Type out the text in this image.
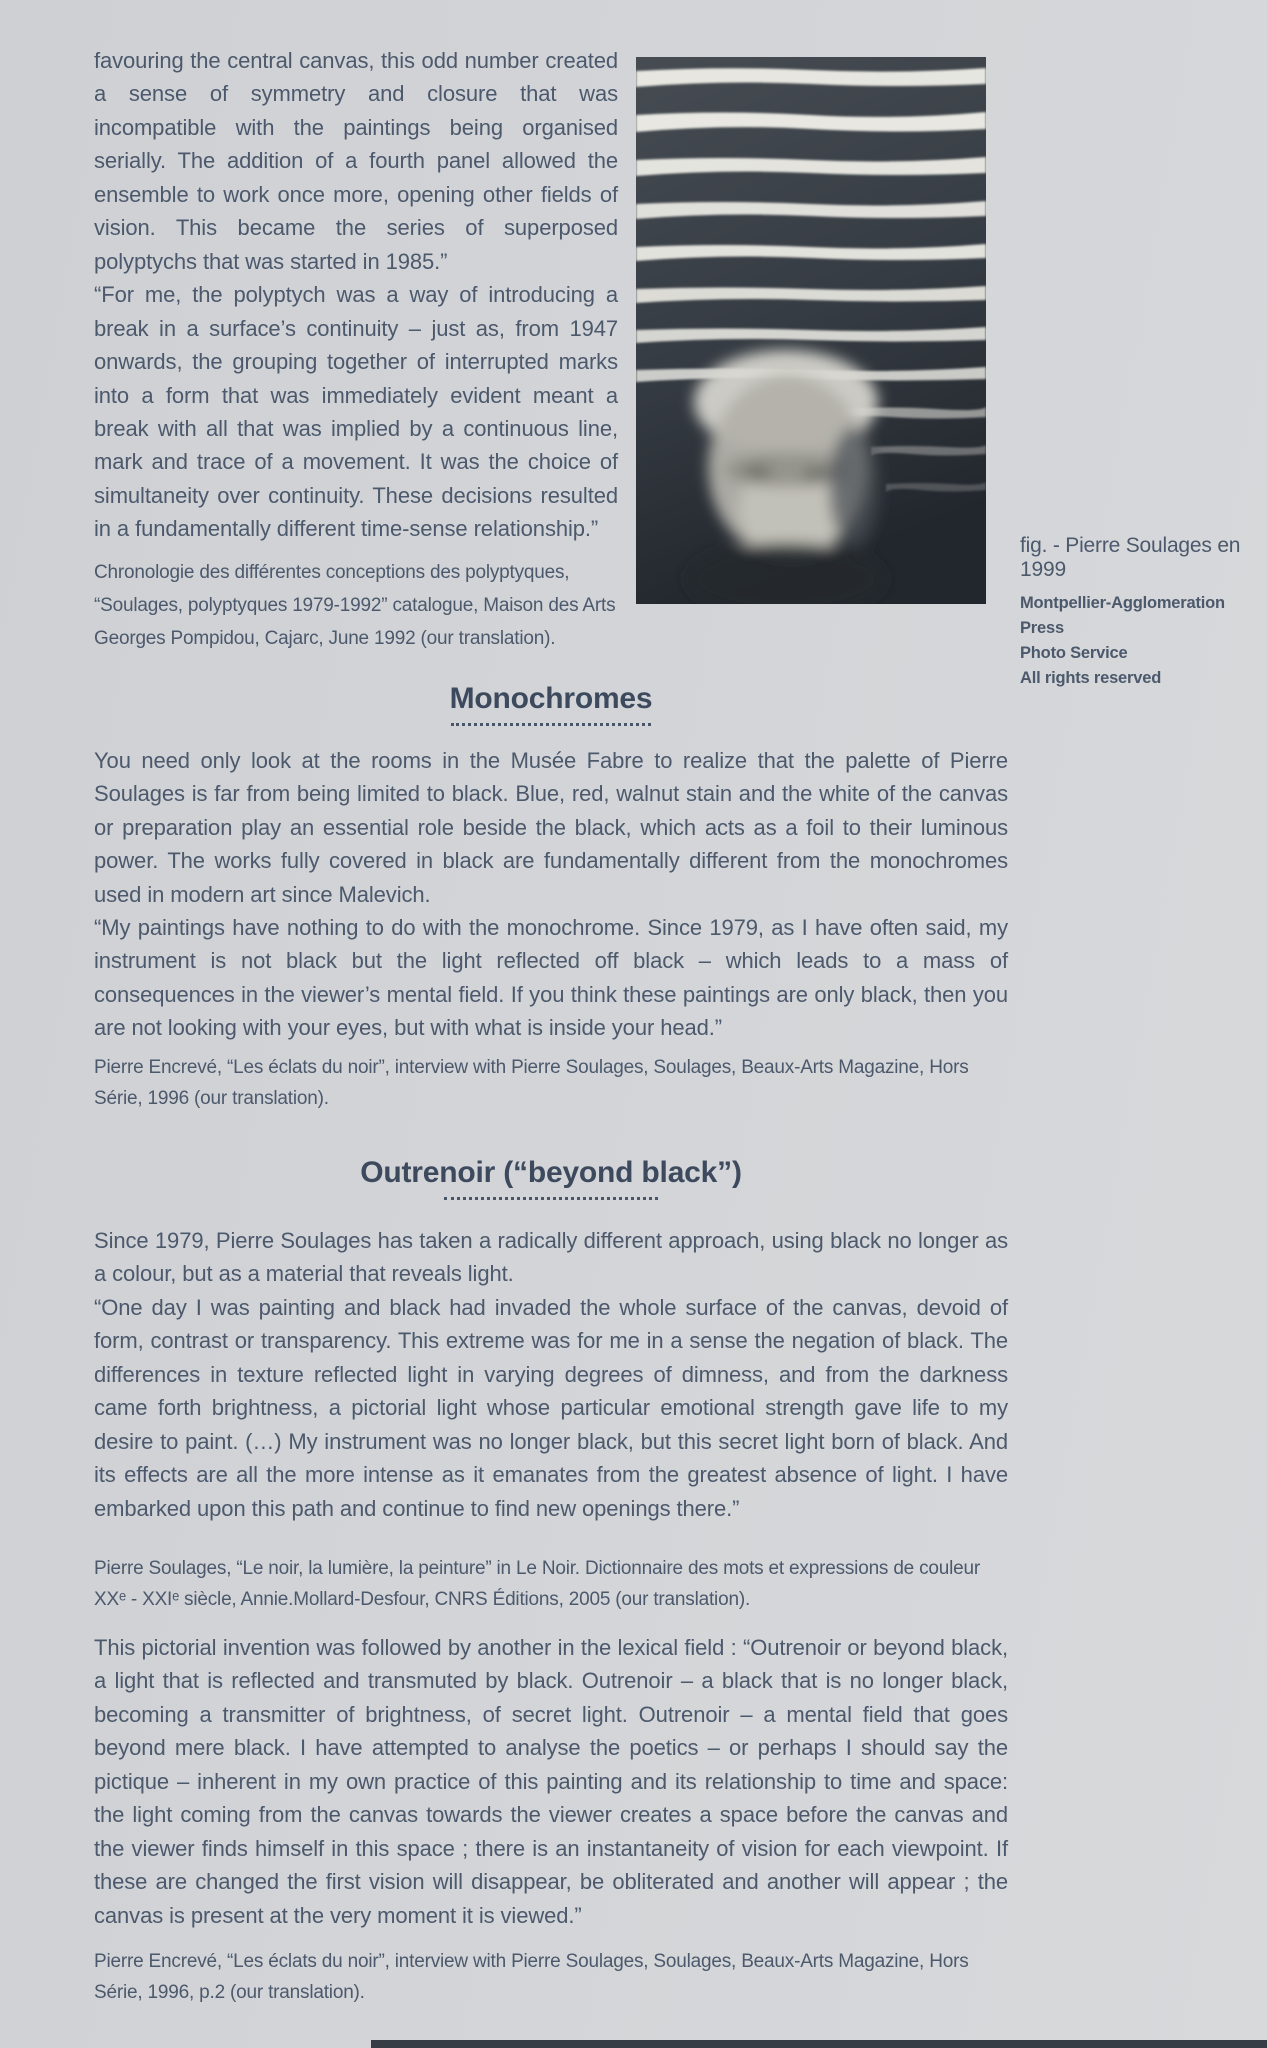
favouring the central canvas, this odd number created a sense of symmetry and closure that was incompatible with the paintings being organised serially. The addition of a fourth panel allowed the ensemble to work once more, opening other fields of vision. This became the series of superposed polyptychs that was started in 1985.”

“For me, the polyptych was a way of introducing a break in a surface’s continuity – just as, from 1947 onwards, the grouping together of interrupted marks into a form that was immediately evident meant a break with all that was implied by a continuous line, mark and trace of a movement. It was the choice of simultaneity over continuity. These decisions resulted in a fundamentally different time-sense relationship.”

Chronologie des différentes conceptions des polyptyques, “Soulages, polyptyques 1979-1992” catalogue, Maison des Arts Georges Pompidou, Cajarc, June 1992 (our translation).
fig. - Pierre Soulages en 1999
Montpellier-Agglomeration Press
Photo Service
All rights reserved
Monochromes

You need only look at the rooms in the Musée Fabre to realize that the palette of Pierre Soulages is far from being limited to black. Blue, red, walnut stain and the white of the canvas or preparation play an essential role beside the black, which acts as a foil to their luminous power. The works fully covered in black are fundamentally different from the monochromes used in modern art since Malevich.

“My paintings have nothing to do with the monochrome. Since 1979, as I have often said, my instrument is not black but the light reflected off black – which leads to a mass of consequences in the viewer’s mental field. If you think these paintings are only black, then you are not looking with your eyes, but with what is inside your head.”

Pierre Encrevé, “Les éclats du noir”, interview with Pierre Soulages, Soulages, Beaux-Arts Magazine, Hors Série, 1996 (our translation).

Outrenoir (“beyond black”)

Since 1979, Pierre Soulages has taken a radically different approach, using black no longer as a colour, but as a material that reveals light.

“One day I was painting and black had invaded the whole surface of the canvas, devoid of form, contrast or transparency. This extreme was for me in a sense the negation of black. The differences in texture reflected light in varying degrees of dimness, and from the darkness came forth brightness, a pictorial light whose particular emotional strength gave life to my desire to paint. (…) My instrument was no longer black, but this secret light born of black. And its effects are all the more intense as it emanates from the greatest absence of light. I have embarked upon this path and continue to find new openings there.”

Pierre Soulages, “Le noir, la lumière, la peinture” in Le Noir. Dictionnaire des mots et expressions de couleur XXᵉ - XXIᵉ siècle, Annie.Mollard-Desfour, CNRS Éditions, 2005 (our translation).

This pictorial invention was followed by another in the lexical field : “Outrenoir or beyond black, a light that is reflected and transmuted by black. Outrenoir – a black that is no longer black, becoming a transmitter of brightness, of secret light. Outrenoir – a mental field that goes beyond mere black. I have attempted to analyse the poetics – or perhaps I should say the pictique – inherent in my own practice of this painting and its relationship to time and space: the light coming from the canvas towards the viewer creates a space before the canvas and the viewer finds himself in this space ; there is an instantaneity of vision for each viewpoint. If these are changed the first vision will disappear, be obliterated and another will appear ; the canvas is present at the very moment it is viewed.”

Pierre Encrevé, “Les éclats du noir”, interview with Pierre Soulages, Soulages, Beaux-Arts Magazine, Hors Série, 1996, p.2 (our translation).
